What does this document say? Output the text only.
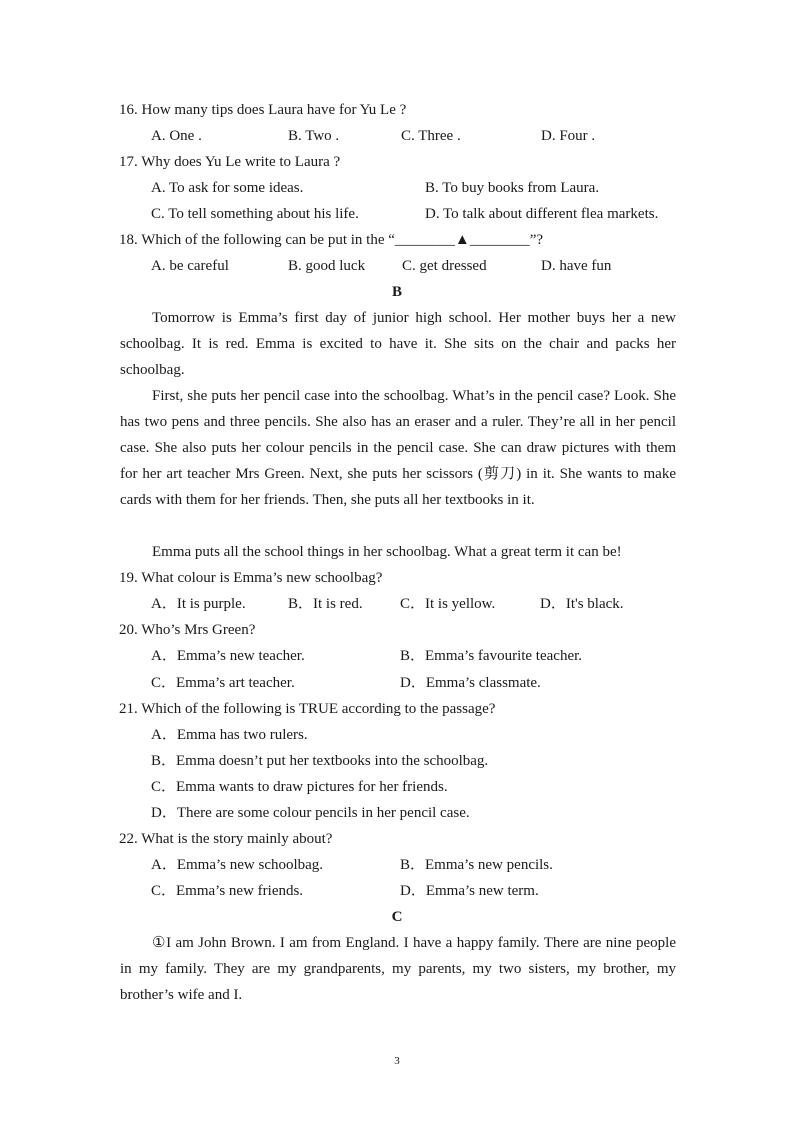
16. How many tips does Laura have for Yu Le ?
A. One .	B. Two .	C. Three .	D. Four .
17. Why does Yu Le write to Laura ?
A. To ask for some ideas.	B. To buy books from Laura.
C. To tell something about his life.	D. To talk about different flea markets.
18. Which of the following can be put in the “________▲________”?
A. be careful	B. good luck C. get dressed	D. have fun
B
Tomorrow is Emma’s first day of junior high school. Her mother buys her a new schoolbag. It is red. Emma is excited to have it. She sits on the chair and packs her schoolbag.
First, she puts her pencil case into the schoolbag. What’s in the pencil case? Look. She has two pens and three pencils. She also has an eraser and a ruler. They’re all in her pencil case. She also puts her colour pencils in the pencil case. She can draw pictures with them for her art teacher Mrs Green. Next, she puts her scissors (剪刀) in it. She wants to make cards with them for her friends. Then, she puts all her textbooks in it.
Emma puts all the school things in her schoolbag. What a great term it can be!
19. What colour is Emma’s new schoolbag?
A．It is purple.	B．It is red. C．It is yellow.	D．It's black.
20. Who’s Mrs Green?
A．Emma’s new teacher.	B．Emma’s favourite teacher.
C．Emma’s art teacher.	D．Emma’s classmate.
21. Which of the following is TRUE according to the passage?
A．Emma has two rulers.
B．Emma doesn’t put her textbooks into the schoolbag.
C．Emma wants to draw pictures for her friends.
D．There are some colour pencils in her pencil case.
22. What is the story mainly about?
A．Emma’s new schoolbag.	B．Emma’s new pencils.
C．Emma’s new friends.	D．Emma’s new term.
C
①I am John Brown. I am from England. I have a happy family. There are nine people in my family. They are my grandparents, my parents, my two sisters, my brother, my brother’s wife and I.
3
